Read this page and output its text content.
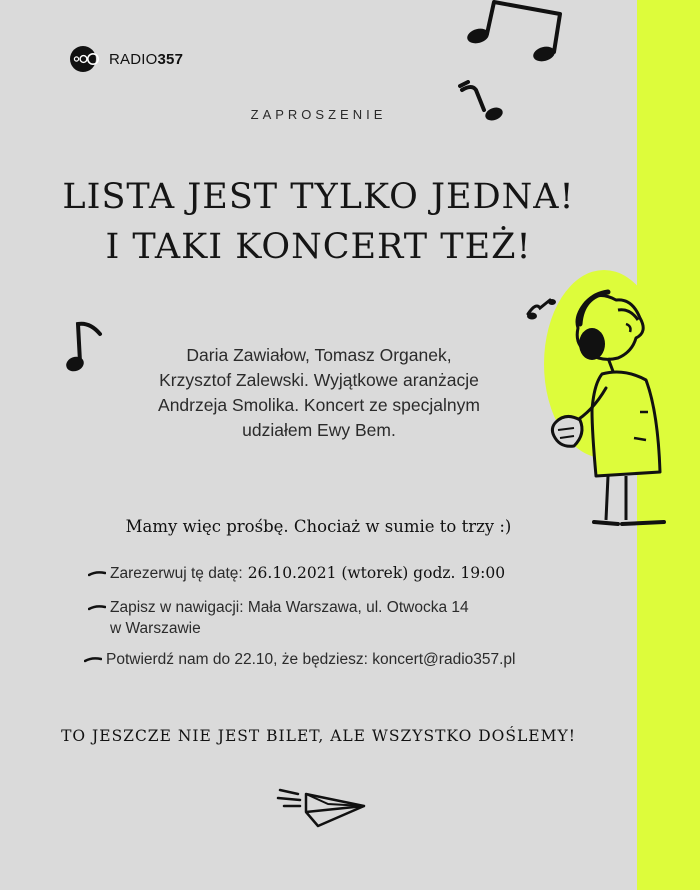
RADIO357
ZAPROSZENIE
LISTA JEST TYLKO JEDNA!
I TAKI KONCERT TEŻ!
Daria Zawiałow, Tomasz Organek,
Krzysztof Zalewski. Wyjątkowe aranżacje
Andrzeja Smolika. Koncert ze specjalnym
udziałem Ewy Bem.
Mamy więc prośbę. Chociaż w sumie to trzy :)
Zarezerwuj tę datę: 26.10.2021 (wtorek) godz. 19:00
Zapisz w nawigacji: Mała Warszawa, ul. Otwocka 14
w Warszawie
Potwierdź nam do 22.10, że będziesz: koncert@radio357.pl
TO JESZCZE NIE JEST BILET, ALE WSZYSTKO DOŚLEMY!
